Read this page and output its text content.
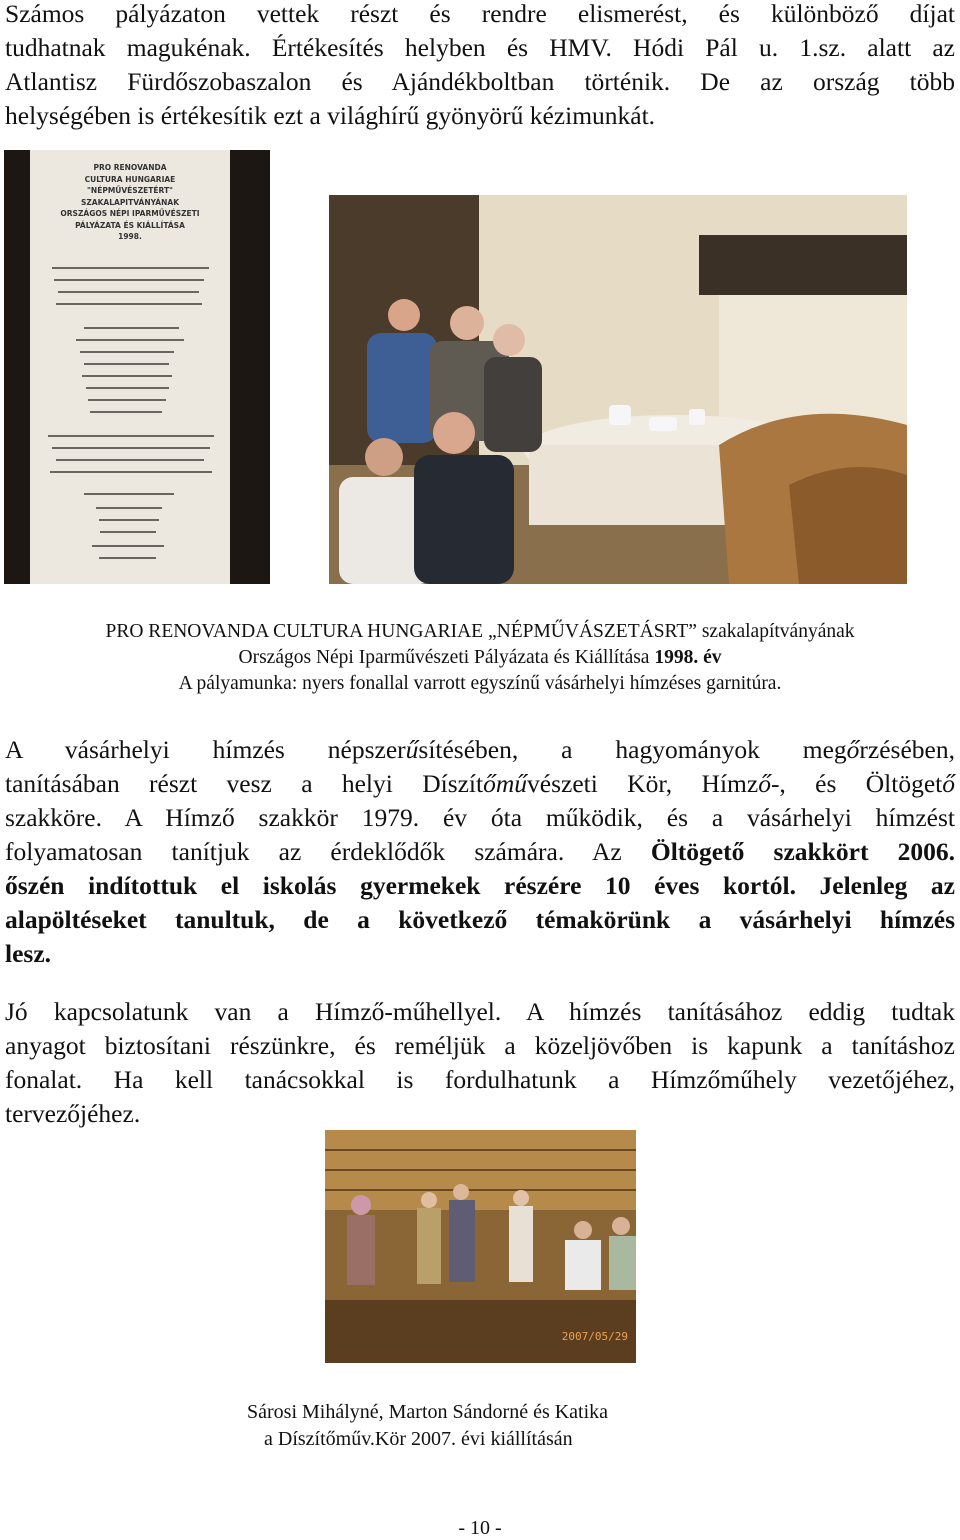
Számos pályázaton vettek részt és rendre elismerést, és különböző díjat
tudhatnak magukénak. Értékesítés helyben és HMV. Hódi Pál u. 1.sz. alatt az
Atlantisz Fürdőszobaszalon és Ajándékboltban történik. De az ország több
helységében is értékesítik ezt a világhírű gyönyörű kézimunkát.
PRO RENOVANDA
CULTURA HUNGARIAE
"NÉPMŰVÉSZETÉRT"
SZAKALAPITVÁNYÁNAK
ORSZÁGOS NÉPI IPARMŰVÉSZETI
PÁLYÁZATA ÉS KIÁLLÍTÁSA
1998.
PRO RENOVANDA CULTURA HUNGARIAE „NÉPMŰVÁSZETÁSRT” szakalapítványának
Országos Népi Iparművészeti Pályázata és Kiállítása 1998. év
A pályamunka: nyers fonallal varrott egyszínű vásárhelyi hímzéses garnitúra.
A vásárhelyi hímzés népszerűsítésében, a hagyományok megőrzésében,
tanításában részt vesz a helyi Díszítőművészeti Kör, Hímző-, és Öltögető
szakköre. A Hímző szakkör 1979. év óta működik, és a vásárhelyi hímzést
folyamatosan tanítjuk az érdeklődők számára. Az Öltögető szakkört 2006.
őszén indítottuk el iskolás gyermekek részére 10 éves kortól. Jelenleg az
alapöltéseket tanultuk, de a következő témakörünk a vásárhelyi hímzés
lesz.
Jó kapcsolatunk van a Hímző-műhellyel. A hímzés tanításához eddig tudtak
anyagot biztosítani részünkre, és reméljük a közeljövőben is kapunk a tanításhoz
fonalat. Ha kell tanácsokkal is fordulhatunk a Hímzőműhely vezetőjéhez,
tervezőjéhez.
2007/05/29
Sárosi Mihályné, Marton Sándorné és Katika
a Díszítőműv.Kör 2007. évi kiállításán
- 10 -
